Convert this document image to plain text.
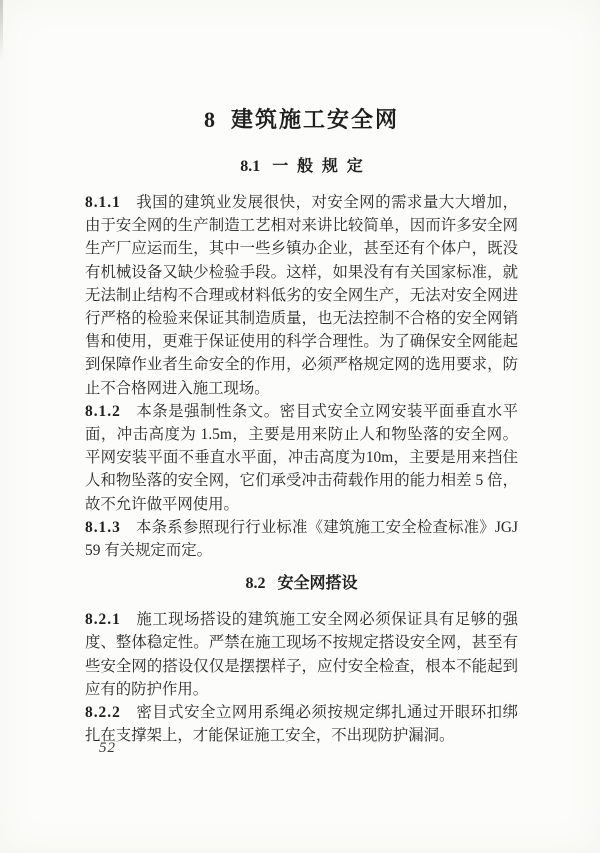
8 建筑施工安全网
8.1 一般规定

8.1.1 我国的建筑业发展很快，对安全网的需求量大大增加，由于安全网的生产制造工艺相对来讲比较简单，因而许多安全网生产厂应运而生，其中一些乡镇办企业，甚至还有个体户，既没有机械设备又缺少检验手段。这样，如果没有有关国家标准，就无法制止结构不合理或材料低劣的安全网生产，无法对安全网进行严格的检验来保证其制造质量，也无法控制不合格的安全网销售和使用，更难于保证使用的科学合理性。为了确保安全网能起到保障作业者生命安全的作用，必须严格规定网的选用要求，防止不合格网进入施工现场。

8.1.2 本条是强制性条文。密目式安全立网安装平面垂直水平面，冲击高度为 1.5m，主要是用来防止人和物坠落的安全网。平网安装平面不垂直水平面，冲击高度为10m，主要是用来挡住人和物坠落的安全网，它们承受冲击荷载作用的能力相差 5 倍，故不允许做平网使用。

8.1.3 本条系参照现行行业标准《建筑施工安全检查标准》JGJ 59 有关规定而定。

8.2 安全网搭设

8.2.1 施工现场搭设的建筑施工安全网必须保证具有足够的强度、整体稳定性。严禁在施工现场不按规定搭设安全网，甚至有些安全网的搭设仅仅是摆摆样子，应付安全检查，根本不能起到应有的防护作用。

8.2.2 密目式安全立网用系绳必须按规定绑扎通过开眼环扣绑扎在支撑架上，才能保证施工安全，不出现防护漏洞。

52
